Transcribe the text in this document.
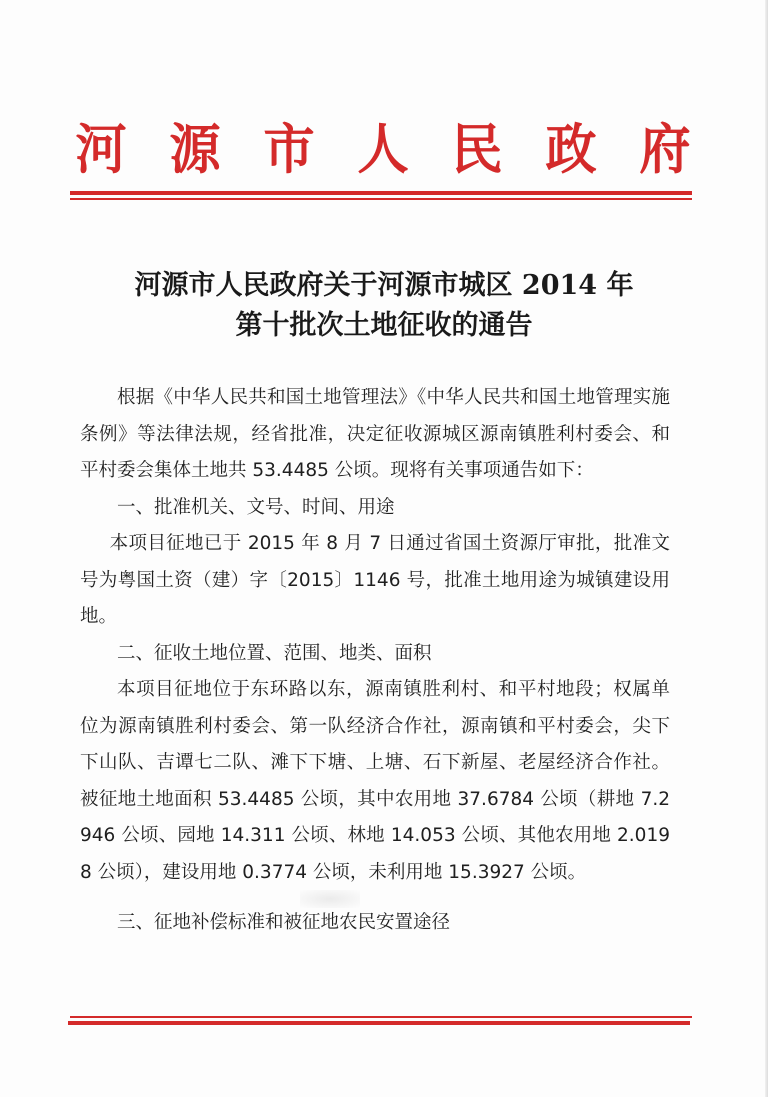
河 源 市 人 民 政 府
河源市人民政府关于河源市城区 2014 年
第十批次土地征收的通告

根据《中华人民共和国土地管理法》《中华人民共和国土地管理实施条例》等法律法规，经省批准，决定征收源城区源南镇胜利村委会、和平村委会集体土地共 53.4485 公顷。现将有关事项通告如下：

一、批准机关、文号、时间、用途

本项目征地已于 2015 年 8 月 7 日通过省国土资源厅审批，批准文号为粤国土资（建）字〔2015〕1146 号，批准土地用途为城镇建设用地。

二、征收土地位置、范围、地类、面积

本项目征地位于东环路以东，源南镇胜利村、和平村地段；权属单位为源南镇胜利村委会、第一队经济合作社，源南镇和平村委会，尖下下山队、吉谭七二队、滩下下塘、上塘、石下新屋、老屋经济合作社。被征地土地面积 53.4485 公顷，其中农用地 37.6784 公顷（耕地 7.2946 公顷、园地 14.311 公顷、林地 14.053 公顷、其他农用地 2.0198 公顷），建设用地 0.3774 公顷，未利用地 15.3927 公顷。

三、征地补偿标准和被征地农民安置途径
